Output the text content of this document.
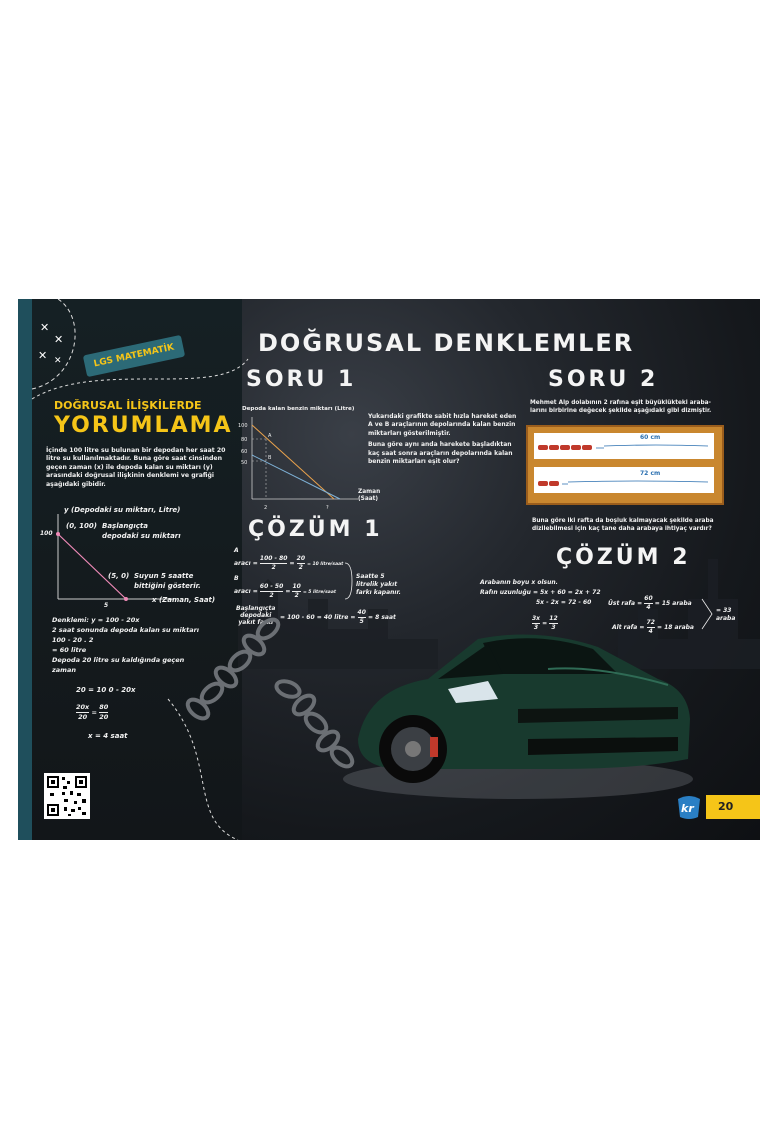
✕
✕
✕ ✕
DOĞRUSAL DENKLEMLER
LGS MATEMATİK
DOĞRUSAL İLİŞKİLERDE
YORUMLAMA
İçinde 100 litre su bulunan bir depodan her saat 20
litre su kullanılmaktadır. Buna göre saat cinsinden
geçen zaman (x) ile depoda kalan su miktarı (y)
arasındaki doğrusal ilişkinin denklemi ve grafiği
aşağıdaki gibidir.
y (Depodaki su miktarı, Litre)
100
(0, 100) Başlangıçta
depodaki su miktarı
(5, 0) Suyun 5 saatte
bittiğini gösterir.
5
x (Zaman, Saat)
Denklemi: y = 100 - 20x
2 saat sonunda depoda kalan su miktarı
100 - 20 . 2
= 60 litre
Depoda 20 litre su kaldığında geçen
zaman
20 = 10 0 - 20x
$\frac{20x}{20} = \frac{80}{20}$
x = 4 saat
SORU 1
Depoda kalan benzin miktarı (Litre)
100
80
60
50
2	?
A
B
Zaman
(Saat)
Yukarıdaki grafikte sabit hızla hareket eden
A ve B araçlarının depolarında kalan benzin
miktarları gösterilmiştir.
Buna göre aynı anda harekete başladıktan
kaç saat sonra araçların depolarında kalan
benzin miktarları eşit olur?
ÇÖZÜM 1
A
aracı = $\frac{100 - 80}{2} = \frac{20}{2} = 10$ litre/saat
B
aracı = $\frac{60 - 50}{2} = \frac{10}{2} = 5$ litre/saat
Saatte 5
litrelik yakıt
farkı kapanır.
Başlangıçta
depodaki
yakıt farkı
= 100 - 60 = 40 litre = $\frac{40}{5} = 8$ saat
SORU 2
Mehmet Alp dolabının 2 rafına eşit büyüklükteki araba-
larını birbirine değecek şekilde aşağıdaki gibi dizmiştir.
60 cm
72 cm
Buna göre iki rafta da boşluk kalmayacak şekilde araba
dizilebilmesi için kaç tane daha arabaya ihtiyaç vardır?
ÇÖZÜM 2
Arabanın boyu x olsun.
Rafın uzunluğu = 5x + 60 = 2x + 72
5x - 2x = 72 - 60
$\frac{3x}{3} = \frac{12}{3}$
Üst rafa = $\frac{60}{4} = 15$ araba
Alt rafa = $\frac{72}{4} = 18$ araba
= 33
araba
kr	20
